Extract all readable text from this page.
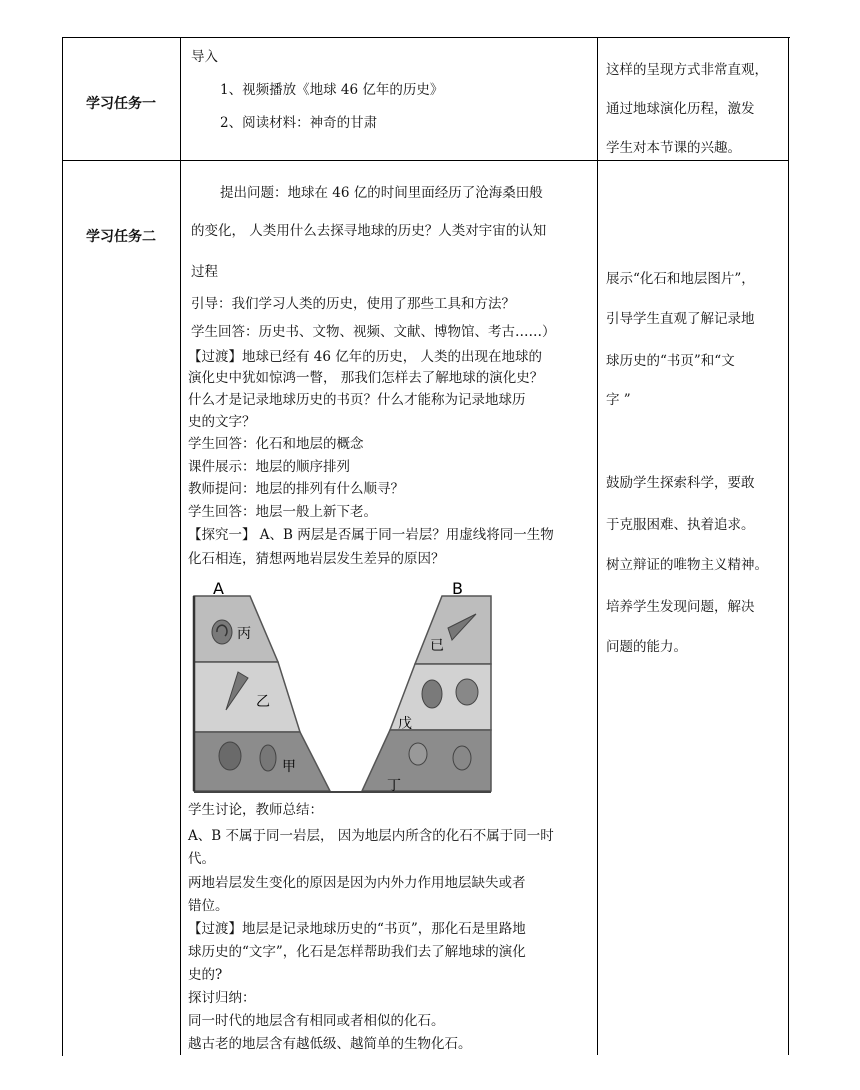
学习任务一
导入
1、视频播放《地球 46 亿年的历史》
2、阅读材料：神奇的甘肃
这样的呈现方式非常直观，
通过地球演化历程，激发
学生对本节课的兴趣。
学习任务二
提出问题：地球在 46 亿的时间里面经历了沧海桑田般
的变化， 人类用什么去探寻地球的历史？人类对宇宙的认知
过程
引导：我们学习人类的历史，使用了那些工具和方法？
学生回答：历史书、文物、视频、文献、博物馆、考古……）
【过渡】地球已经有 46 亿年的历史， 人类的出现在地球的
演化史中犹如惊鸿一瞥， 那我们怎样去了解地球的演化史？
什么才是记录地球历史的书页？什么才能称为记录地球历
史的文字？
学生回答：化石和地层的概念
课件展示：地层的顺序排列
教师提问：地层的排列有什么顺寻？
学生回答：地层一般上新下老。
【探究一】 A、B 两层是否属于同一岩层？用虚线将同一生物
化石相连，猜想两地岩层发生差异的原因？
A	B
丙
乙
甲
已
戊
丁
学生讨论，教师总结：
A、B 不属于同一岩层， 因为地层内所含的化石不属于同一时
代。
两地岩层发生变化的原因是因为内外力作用地层缺失或者
错位。
【过渡】地层是记录地球历史的“书页”，那化石是里路地
球历史的“文字”，化石是怎样帮助我们去了解地球的演化
史的?
探讨归纳：
同一时代的地层含有相同或者相似的化石。
越古老的地层含有越低级、越简单的生物化石。
展示“化石和地层图片”，
引导学生直观了解记录地
球历史的“书页”和“文
字 ”
鼓励学生探索科学，要敢
于克服困难、执着追求。
树立辩证的唯物主义精神。
培养学生发现问题，解决
问题的能力。
